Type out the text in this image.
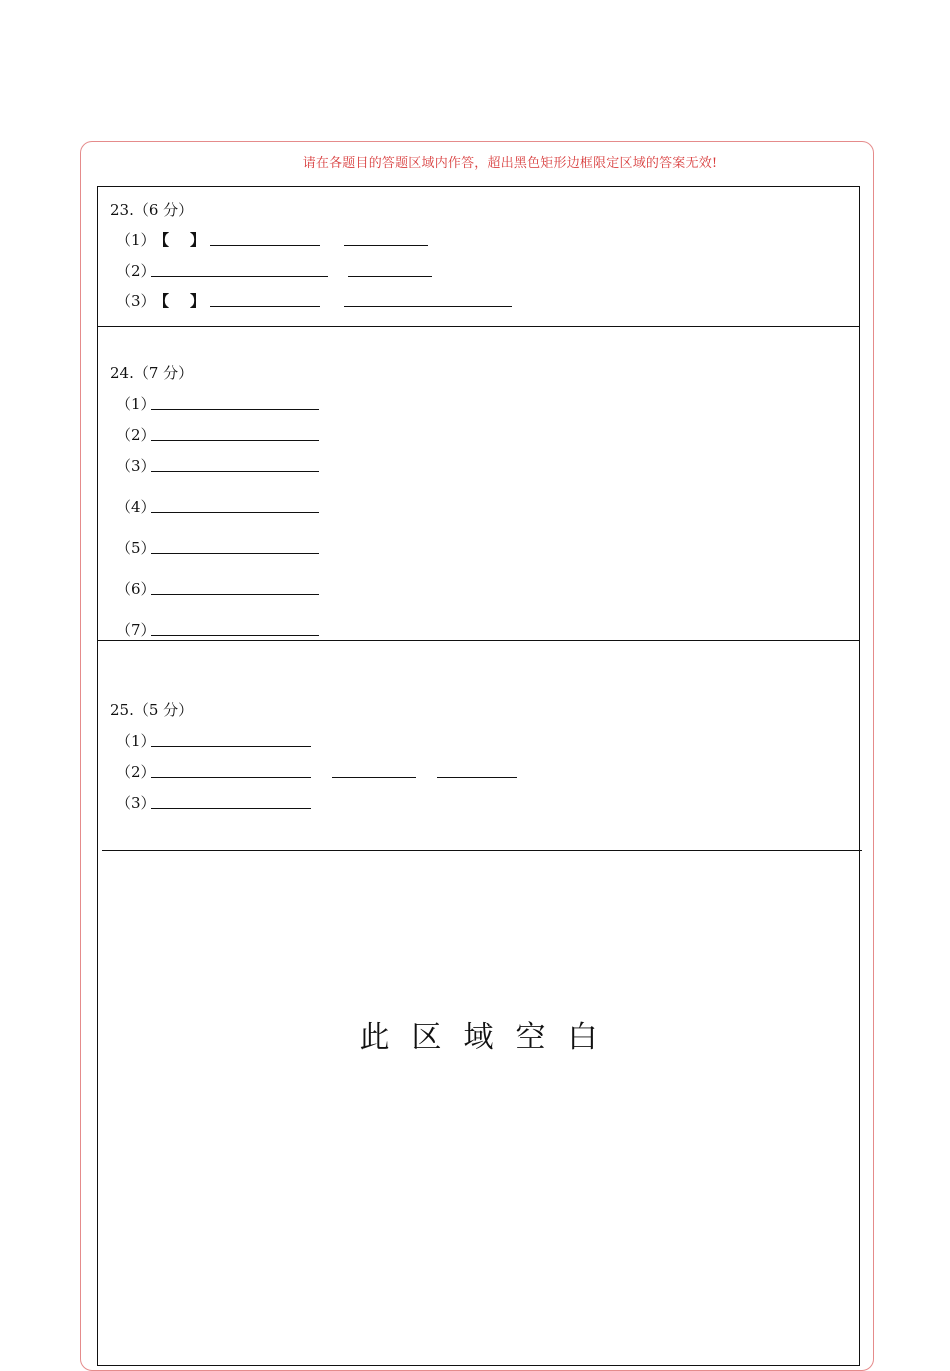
请在各题目的答题区域内作答，超出黑色矩形边框限定区域的答案无效!
23.（6 分）
（1）
【 】
（2）
（3）
【 】
24.（7 分）
（1）
（2）
（3）
（4）
（5）
（6）
（7）
25.（5 分）
（1）
（2）
（3）
此区域空白
